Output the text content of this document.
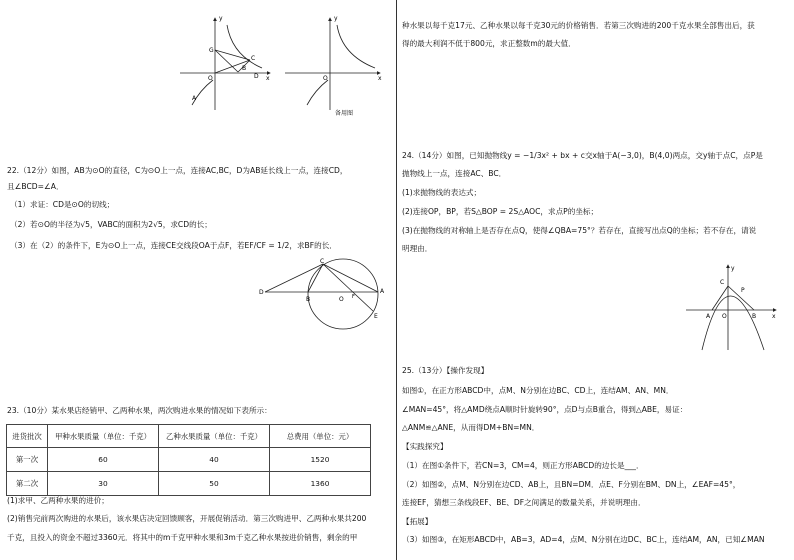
y
G
C
B
O	D x
A
y
O	x
备用图
22.（12分）如图，AB为⊙O的直径，C为⊙O上一点，连接AC,BC，D为AB延长线上一点，连接CD，
且∠BCD=∠A．
（1）求证：CD是⊙O的切线；
（2）若⊙O的半径为√5，VABC的面积为2√5，求CD的长；
（3）在（2）的条件下，E为⊙O上一点，连接CE交线段OA于点F，若EF/CF = 1/2，求BF的长．
C
D
B	O F
A
E
23.（10分）某水果店经销甲、乙两种水果，两次购进水果的情况如下表所示：
进货批次	甲种水果质量（单位：千克）	乙种水果质量（单位：千克）	总费用（单位：元）
第一次	60	40	1520
第二次	30	50	1360
(1)求甲、乙两种水果的进价；
(2)销售完前两次购进的水果后，该水果店决定回馈顾客，开展促销活动．第三次购进甲、乙两种水果共200
千克，且投入的资金不超过3360元．将其中的m千克甲种水果和3m千克乙种水果按进价销售，剩余的甲
种水果以每千克17元、乙种水果以每千克30元的价格销售．若第三次购进的200千克水果全部售出后，获
得的最大利润不低于800元，求正整数m的最大值．
24.（14分）如图，已知抛物线y = −1/3x² + bx + c交x轴于A(−3,0)，B(4,0)两点，交y轴于点C，点P是
抛物线上一点，连接AC、BC．
(1)求抛物线的表达式；
(2)连接OP，BP，若S△BOP = 2S△AOC，求点P的坐标；
(3)在抛物线的对称轴上是否存在点Q，使得∠QBA=75°？若存在，直接写出点Q的坐标；若不存在，请说
明理由．
y
C
P
A O	B	x
25.（13分）【操作发现】
如图①，在正方形ABCD中，点M、N分别在边BC、CD上，连结AM、AN、MN．
∠MAN=45°，将△AMD绕点A顺时针旋转90°，点D与点B重合，得到△ABE，易证：
△ANM≌△ANE，从而得DM+BN=MN．
【实践探究】
（1）在图①条件下，若CN=3，CM=4，则正方形ABCD的边长是___．
（2）如图②，点M、N分别在边CD、AB上，且BN=DM．点E、F分别在BM、DN上，∠EAF=45°，
连接EF，猜想三条线段EF、BE、DF之间满足的数量关系，并说明理由．
【拓展】
（3）如图③，在矩形ABCD中，AB=3，AD=4，点M、N分别在边DC、BC上，连结AM，AN，已知∠MAN
